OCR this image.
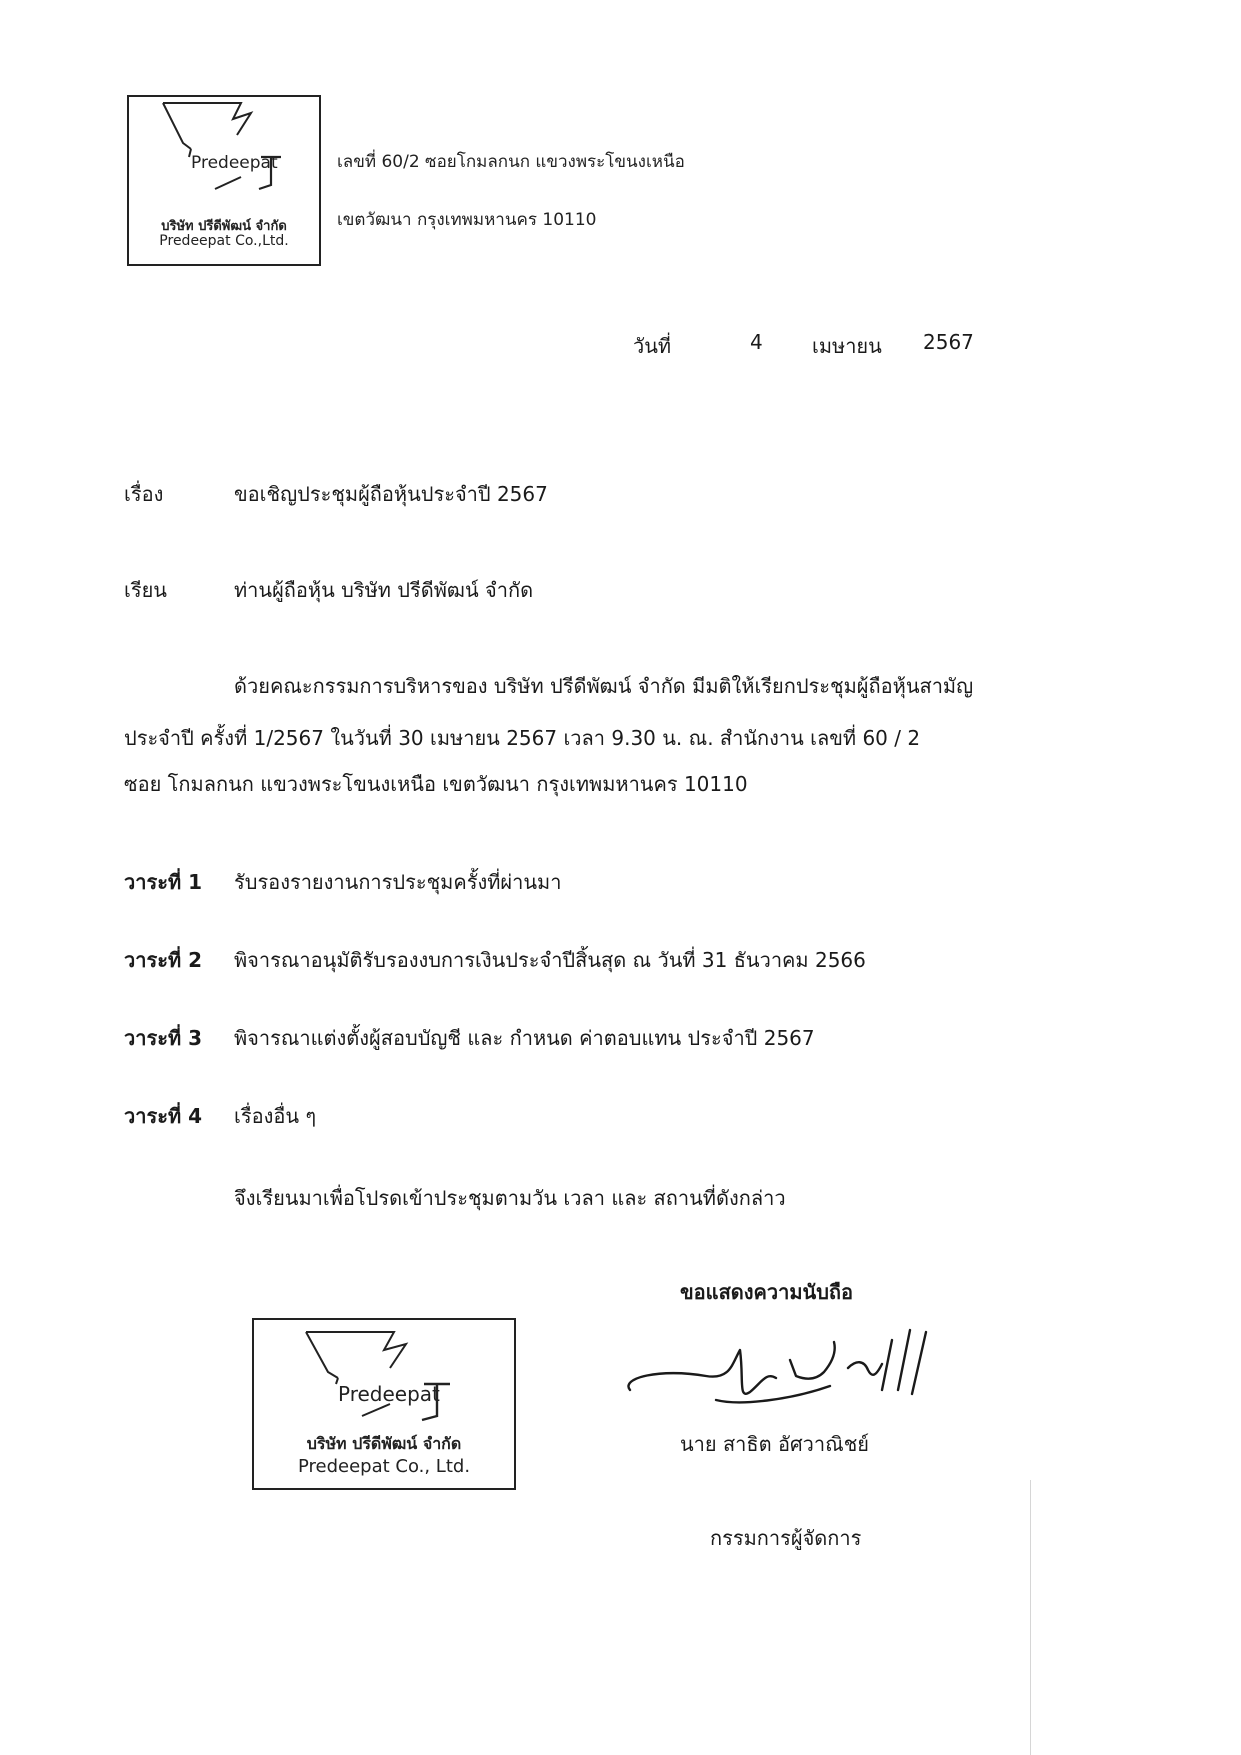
Predeepat
บริษัท ปรีดีพัฒน์ จำกัด
Predeepat Co.,Ltd.
เลขที่ 60/2 ซอยโกมลกนก แขวงพระโขนงเหนือ
เขตวัฒนา กรุงเทพมหานคร 10110
วันที่	4 เมษายน 2567
เรื่อง	ขอเชิญประชุมผู้ถือหุ้นประจำปี 2567
เรียน	ท่านผู้ถือหุ้น บริษัท ปรีดีพัฒน์ จำกัด
ด้วยคณะกรรมการบริหารของ บริษัท ปรีดีพัฒน์ จำกัด มีมติให้เรียกประชุมผู้ถือหุ้นสามัญ
ประจำปี ครั้งที่ 1/2567 ในวันที่ 30 เมษายน 2567 เวลา 9.30 น. ณ. สำนักงาน เลขที่ 60 / 2
ซอย โกมลกนก แขวงพระโขนงเหนือ เขตวัฒนา กรุงเทพมหานคร 10110
วาระที่ 1 รับรองรายงานการประชุมครั้งที่ผ่านมา
วาระที่ 2 พิจารณาอนุมัติรับรองงบการเงินประจำปีสิ้นสุด ณ วันที่ 31 ธันวาคม 2566
วาระที่ 3 พิจารณาแต่งตั้งผู้สอบบัญชี และ กำหนด ค่าตอบแทน ประจำปี 2567
วาระที่ 4 เรื่องอื่น ๆ
จึงเรียนมาเพื่อโปรดเข้าประชุมตามวัน เวลา และ สถานที่ดังกล่าว
ขอแสดงความนับถือ
นาย สาธิต อัศวาณิชย์
กรรมการผู้จัดการ
Predeepat
บริษัท ปรีดีพัฒน์ จำกัด
Predeepat Co., Ltd.
